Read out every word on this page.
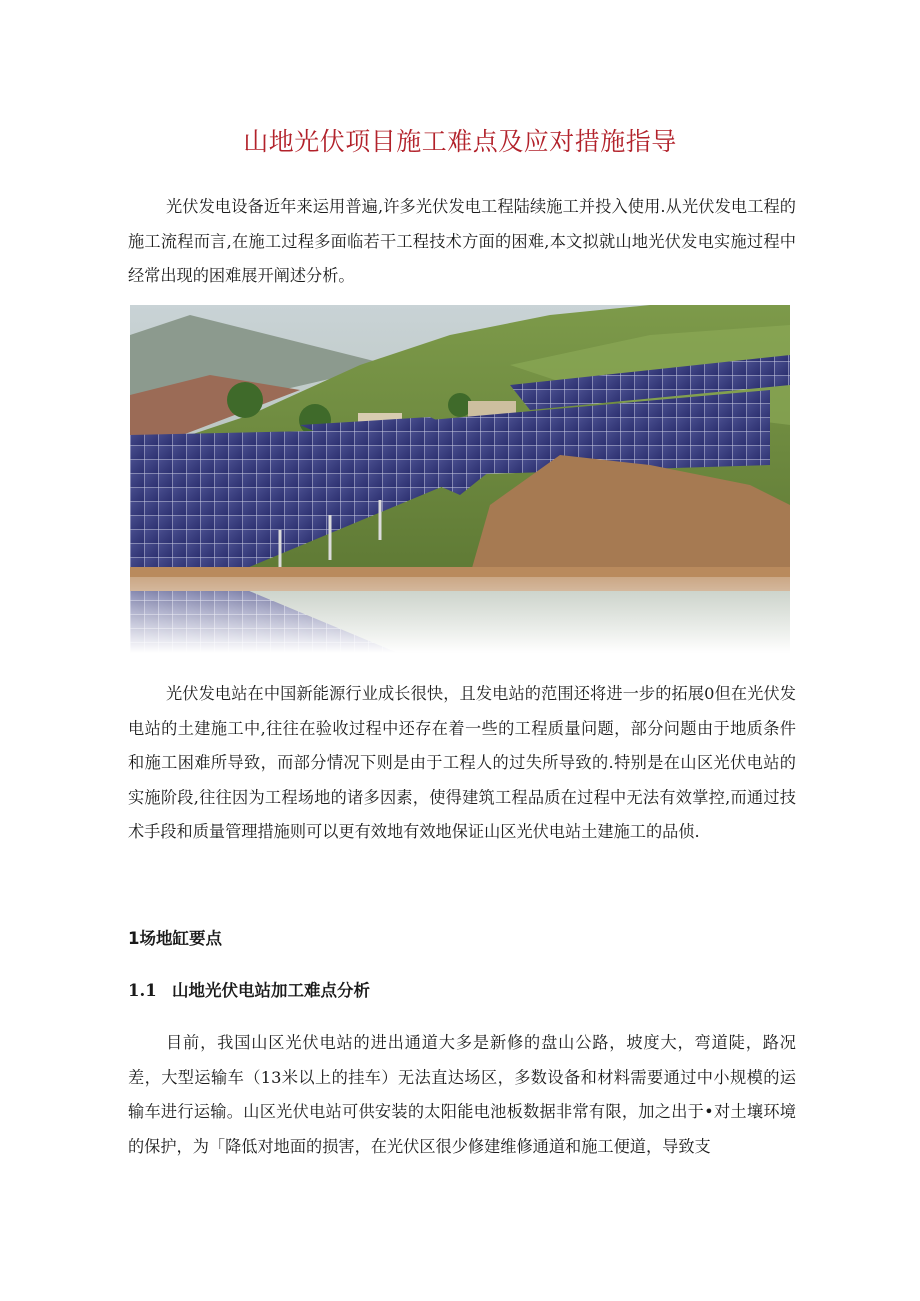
山地光伏项目施工难点及应对措施指导

光伏发电设备近年来运用普遍,许多光伏发电工程陆续施工并投入使用.从光伏发电工程的施工流程而言,在施工过程多面临若干工程技术方面的困难,本文拟就山地光伏发电实施过程中经常出现的困难展开阐述分析。

光伏发电站在中国新能源行业成长很快，且发电站的范围还将进一步的拓展0但在光伏发电站的土建施工中,往往在验收过程中还存在着一些的工程质量问题，部分问题由于地质条件和施工困难所导致，而部分情况下则是由于工程人的过失所导致的.特别是在山区光伏电站的实施阶段,往往因为工程场地的诸多因素，使得建筑工程品质在过程中无法有效掌控,而通过技术手段和质量管理措施则可以更有效地有效地保证山区光伏电站土建施工的品侦.

1场地缸要点
1.1 山地光伏电站加工难点分析

目前，我国山区光伏电站的进出通道大多是新修的盘山公路，坡度大，弯道陡，路况差，大型运输车（13米以上的挂车）无法直达场区，多数设备和材料需要通过中小规模的运输车进行运输。山区光伏电站可供安装的太阳能电池板数据非常有限，加之出于•对土壤环境的保护，为「降低对地面的损害，在光伏区很少修建维修通道和施工便道，导致支
